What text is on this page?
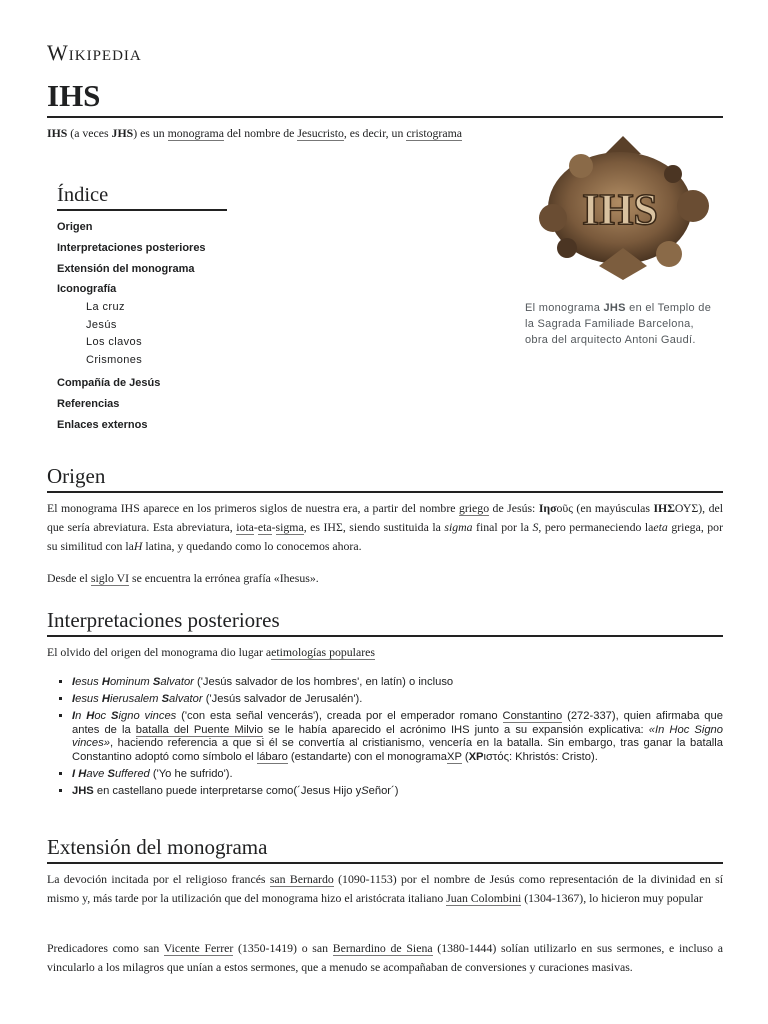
Wikipedia
IHS

IHS (a veces JHS) es un monograma del nombre de Jesucristo, es decir, un cristograma

Índice
Origen
Interpretaciones posteriores
Extensión del monograma
Iconografía
La cruz
Jesús
Los clavos
Crismones
Compañía de Jesús
Referencias
Enlaces externos
IHS
El monograma JHS en el Templo de la Sagrada Familiade Barcelona, obra del arquitecto Antoni Gaudí.
Origen

El monograma IHS aparece en los primeros siglos de nuestra era, a partir del nombre griego de Jesús: Ιησοῦς (en mayúsculas ΙΗΣΟΥΣ), del que sería abreviatura. Esta abreviatura, iota-eta-sigma, es ΙΗΣ, siendo sustituida la sigma final por la S, pero permaneciendo laeta griega, por su similitud con laH latina, y quedando como lo conocemos ahora.

Desde el siglo VI se encuentra la errónea grafía «Ihesus».

Interpretaciones posteriores

El olvido del origen del monograma dio lugar aetimologías populares

▪ Iesus Hominum Salvator ('Jesús salvador de los hombres', en latín) o incluso
▪ Iesus Hierusalem Salvator ('Jesús salvador de Jerusalén').
▪ In Hoc Signo vinces ('con esta señal vencerás'), creada por el emperador romano Constantino (272-337), quien afirmaba que antes de la batalla del Puente Milvio se le había aparecido el acrónimo IHS junto a su expansión explicativa: «In Hoc Signo vinces», haciendo referencia a que si él se convertía al cristianismo, vencería en la batalla. Sin embargo, tras ganar la batalla Constantino adoptó como símbolo el lábaro (estandarte) con el monogramaXP (ΧΡιστός: Khristós: Cristo).
▪ I Have Suffered ('Yo he sufrido').
▪ JHS en castellano puede interpretarse como(´Jesus Hijo ySeñor´)
Extensión del monograma

La devoción incitada por el religioso francés san Bernardo (1090-1153) por el nombre de Jesús como representación de la divinidad en sí mismo y, más tarde por la utilización que del monograma hizo el aristócrata italiano Juan Colombini (1304-1367), lo hicieron muy popular

Predicadores como san Vicente Ferrer (1350-1419) o san Bernardino de Siena (1380-1444) solían utilizarlo en sus sermones, e incluso a vincularlo a los milagros que unían a estos sermones, que a menudo se acompañaban de conversiones y curaciones masivas.
